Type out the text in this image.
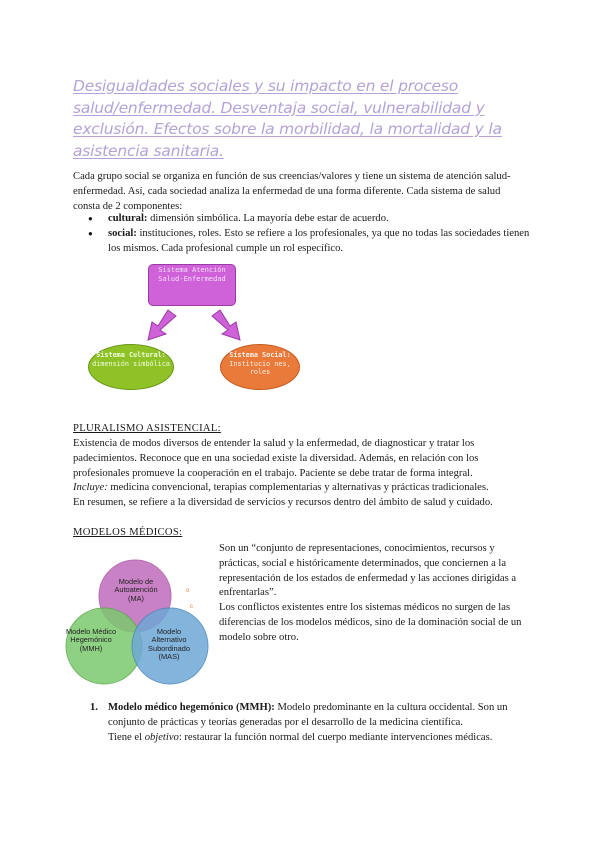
Desigualdades sociales y su impacto en el proceso salud/enfermedad. Desventaja social, vulnerabilidad y exclusión. Efectos sobre la morbilidad, la mortalidad y la asistencia sanitaria.

Cada grupo social se organiza en función de sus creencias/valores y tiene un sistema de atención salud-enfermedad. Así, cada sociedad analiza la enfermedad de una forma diferente. Cada sistema de salud consta de 2 componentes:

● cultural: dimensión simbólica. La mayoría debe estar de acuerdo.
● social: instituciones, roles. Esto se refiere a los profesionales, ya que no todas las sociedades tienen los mismos. Cada profesional cumple un rol específico.
Sistema Atención Salud-Enfermedad
Sistema Cultural:
dimensión simbólica
Sistema Social:
Institucio nes, roles

PLURALISMO ASISTENCIAL:

Existencia de modos diversos de entender la salud y la enfermedad, de diagnosticar y tratar los padecimientos. Reconoce que en una sociedad existe la diversidad. Además, en relación con los profesionales promueve la cooperación en el trabajo. Paciente se debe tratar de forma integral.

Incluye: medicina convencional, terapias complementarias y alternativas y prácticas tradicionales.

En resumen, se refiere a la diversidad de servicios y recursos dentro del ámbito de salud y cuidado.

MODELOS MÉDICOS:

o
c
Modelo de Autoatención (MA)
Modelo Médico Hegemónico (MMH)
Modelo Alternativo Subordinado (MAS)

Son un “conjunto de representaciones, conocimientos, recursos y prácticas, social e históricamente determinados, que conciernen a la representación de los estados de enfermedad y las acciones dirigidas a enfrentarlas”.

Los conflictos existentes entre los sistemas médicos no surgen de las diferencias de los modelos médicos, sino de la dominación social de un modelo sobre otro.

1. Modelo médico hegemónico (MMH): Modelo predominante en la cultura occidental. Son un conjunto de prácticas y teorías generadas por el desarrollo de la medicina científica.
Tiene el objetivo: restaurar la función normal del cuerpo mediante intervenciones médicas.
